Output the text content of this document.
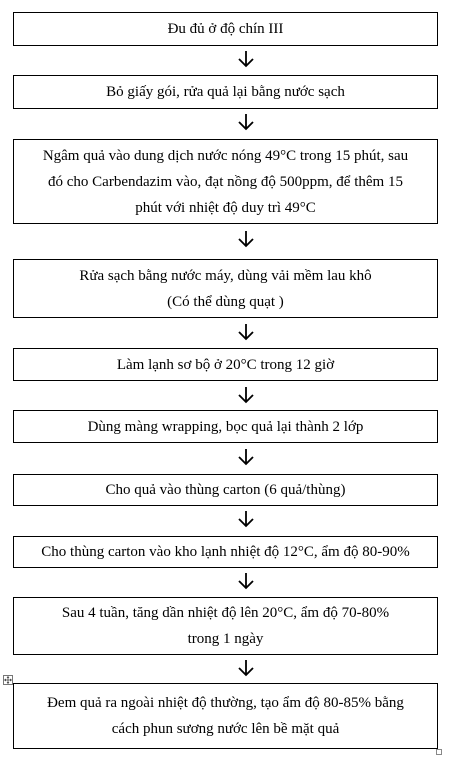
Đu đủ ở độ chín III
Bỏ giấy gói, rửa quả lại bằng nước sạch
Ngâm quả vào dung dịch nước nóng 49°C trong 15 phút, sau
đó cho Carbendazim vào, đạt nồng độ 500ppm, để thêm 15
phút với nhiệt độ duy trì 49°C
Rửa sạch bằng nước máy, dùng vải mềm lau khô
(Có thể dùng quạt )
Làm lạnh sơ bộ ở 20°C trong 12 giờ
Dùng màng wrapping, bọc quả lại thành 2 lớp
Cho quả vào thùng carton (6 quả/thùng)
Cho thùng carton vào kho lạnh nhiệt độ 12°C, ẩm độ 80-90%
Sau 4 tuần, tăng dần nhiệt độ lên 20°C, ẩm độ 70-80%
trong 1 ngày
Đem quả ra ngoài nhiệt độ thường, tạo ẩm độ 80-85% bằng
cách phun sương nước lên bề mặt quả
